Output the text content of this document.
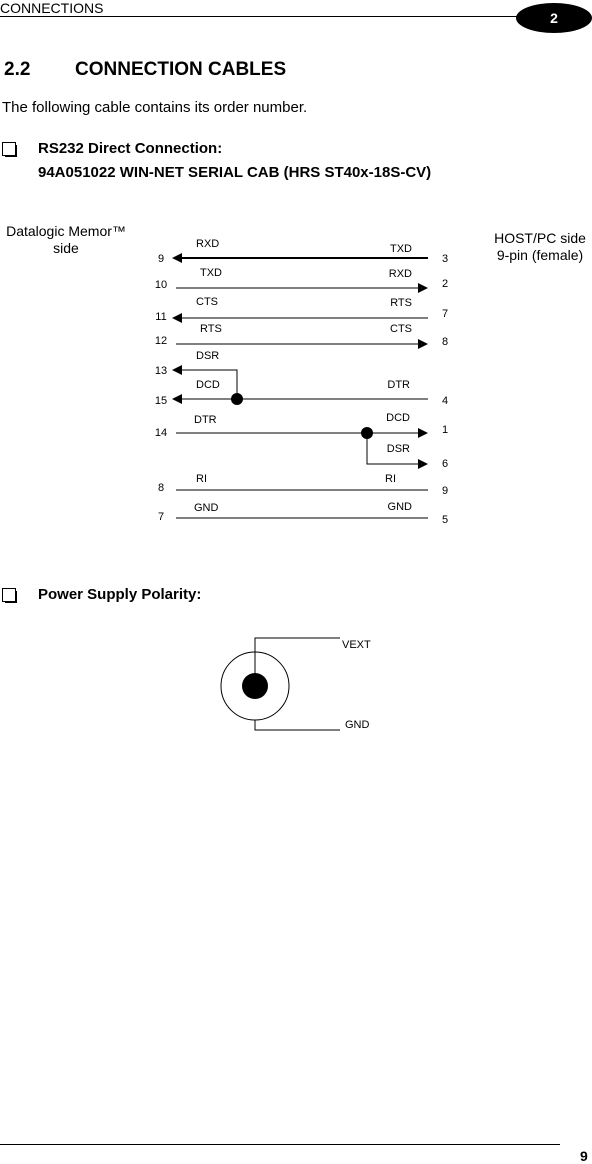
CONNECTIONS
2
2.2 CONNECTION CABLES
The following cable contains its order number.
RS232 Direct Connection:
94A051022 WIN-NET SERIAL CAB (HRS ST40x-18S-CV)
Datalogic Memor™
side
HOST/PC side
9-pin (female)
9
10
11
12
13
15
14
8
7
3
2
7
8
4
1
6
9
5
RXD
TXD
CTS
RTS
DSR
DCD
DTR
RI
GND
TXD
RXD
RTS
CTS
DTR
DCD
DSR
RI
GND
Power Supply Polarity:
VEXT
GND
9
